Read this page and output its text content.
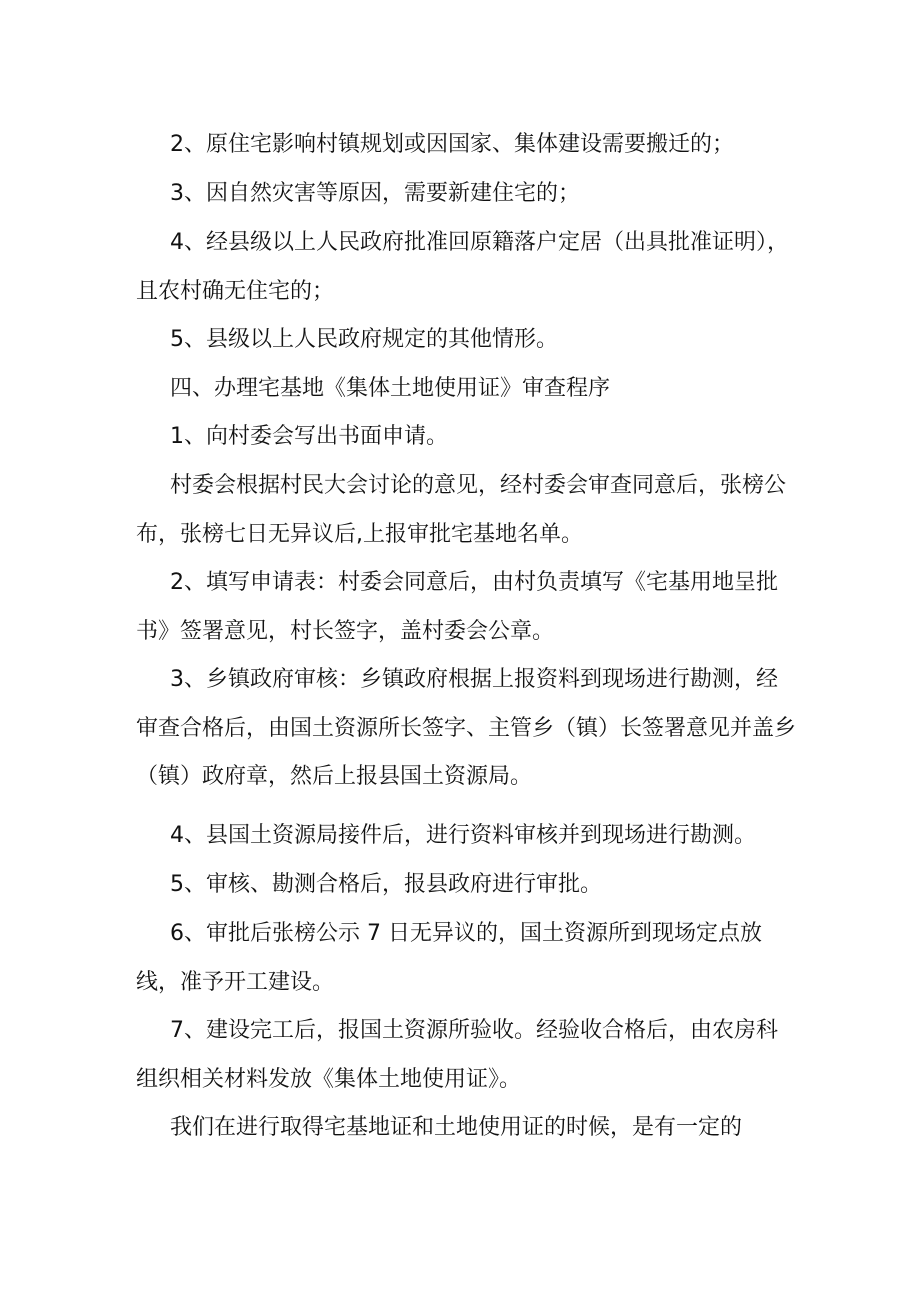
2、原住宅影响村镇规划或因国家、集体建设需要搬迁的；

3、因自然灾害等原因，需要新建住宅的；

4、经县级以上人民政府批准回原籍落户定居（出具批准证明），且农村确无住宅的；

5、县级以上人民政府规定的其他情形。

四、办理宅基地《集体土地使用证》审查程序

1、向村委会写出书面申请。

村委会根据村民大会讨论的意见，经村委会审查同意后，张榜公布，张榜七日无异议后,上报审批宅基地名单。

2、填写申请表：村委会同意后，由村负责填写《宅基用地呈批书》签署意见，村长签字，盖村委会公章。

3、乡镇政府审核：乡镇政府根据上报资料到现场进行勘测，经审查合格后，由国土资源所长签字、主管乡（镇）长签署意见并盖乡（镇）政府章，然后上报县国土资源局。

4、县国土资源局接件后，进行资料审核并到现场进行勘测。

5、审核、勘测合格后，报县政府进行审批。

6、审批后张榜公示 7 日无异议的，国土资源所到现场定点放线，准予开工建设。

7、建设完工后，报国土资源所验收。经验收合格后，由农房科组织相关材料发放《集体土地使用证》。

我们在进行取得宅基地证和土地使用证的时候，是有一定的
